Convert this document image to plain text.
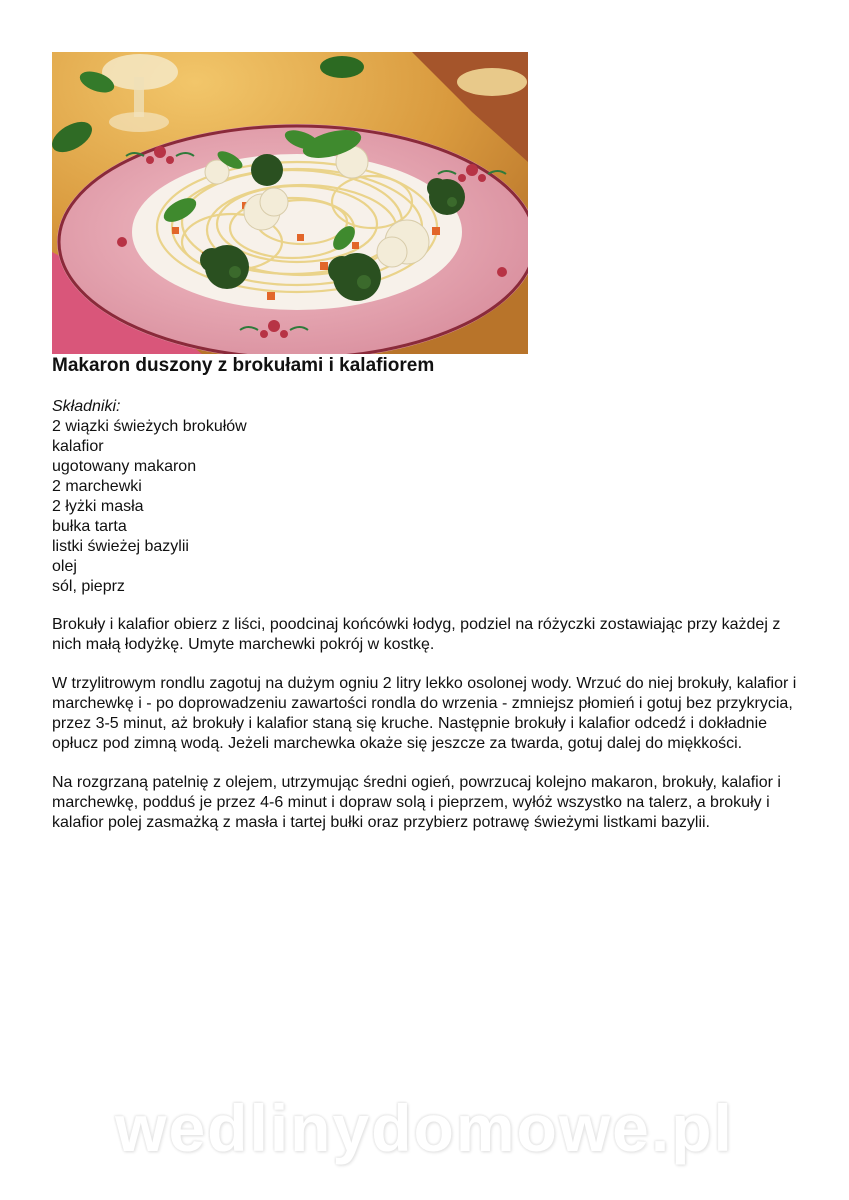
Makaron duszony z brokułami i kalafiorem
Składniki:
2 wiązki świeżych brokułów
kalafior
ugotowany makaron
2 marchewki
2 łyżki masła
bułka tarta
listki świeżej bazylii
olej
sól, pieprz

Brokuły i kalafior obierz z liści, poodcinaj końcówki łodyg, podziel na różyczki zostawiając przy każdej z nich małą łodyżkę. Umyte marchewki pokrój w kostkę.

W trzylitrowym rondlu zagotuj na dużym ogniu 2 litry lekko osolonej wody. Wrzuć do niej brokuły, kalafior i marchewkę i - po doprowadzeniu zawartości rondla do wrzenia - zmniejsz płomień i gotuj bez przykrycia, przez 3-5 minut, aż brokuły i kalafior staną się kruche. Następnie brokuły i kalafior odcedź i dokładnie opłucz pod zimną wodą. Jeżeli marchewka okaże się jeszcze za twarda, gotuj dalej do miękkości.

Na rozgrzaną patelnię z olejem, utrzymując średni ogień, powrzucaj kolejno makaron, brokuły, kalafior i marchewkę, podduś je przez 4-6 minut i dopraw solą i pieprzem, wyłóż wszystko na talerz, a brokuły i kalafior polej zasmażką z masła i tartej bułki oraz przybierz potrawę świeżymi listkami bazylii.

wedlinydomowe.pl
